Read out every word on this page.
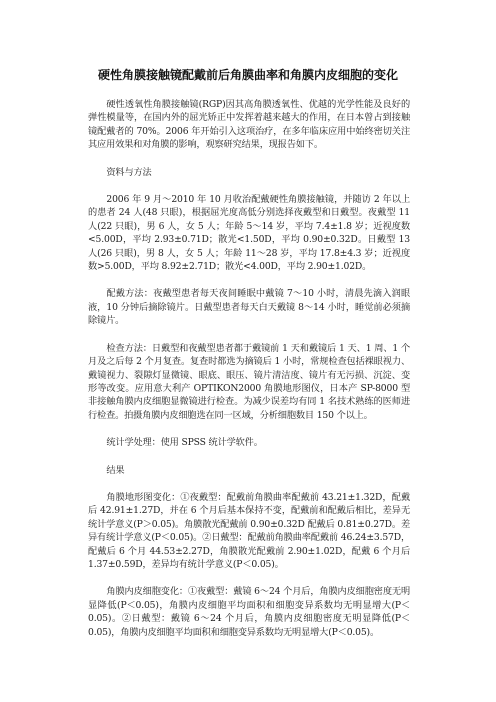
硬性角膜接触镜配戴前后角膜曲率和角膜内皮细胞的变化

硬性透氧性角膜接触镜(RGP)因其高角膜透氧性、优越的光学性能及良好的弹性模量等，在国内外的屈光矫正中发挥着越来越大的作用，在日本曾占到接触镜配戴者的 70%。2006 年开始引入这项治疗，在多年临床应用中始终密切关注其应用效果和对角膜的影响，观察研究结果，现报告如下。

资料与方法

2006 年 9 月～2010 年 10 月收治配戴硬性角膜接触镜，并随访 2 年以上的患者 24 人(48 只眼)，根据屈光度高低分别选择夜戴型和日戴型。夜戴型 11 人(22 只眼)，男 6 人，女 5 人；年龄 5～14 岁，平均 7.4±1.8 岁；近视度数<5.00D，平均 2.93±0.71D；散光<1.50D，平均 0.90±0.32D。日戴型 13 人(26 只眼)，男 8 人，女 5 人；年龄 11～28 岁，平均 17.8±4.3 岁；近视度数>5.00D，平均 8.92±2.71D；散光<4.00D，平均 2.90±1.02D。

配戴方法：夜戴型患者每天夜间睡眠中戴镜 7～10 小时，清晨先滴入润眼液，10 分钟后摘除镜片。日戴型患者每天白天戴镜 8～14 小时，睡觉前必须摘除镜片。

检查方法：日戴型和夜戴型患者都于戴镜前 1 天和戴镜后 1 天、1 周、1 个月及之后每 2 个月复查。复查时都选为摘镜后 1 小时，常规检查包括裸眼视力、戴镜视力、裂隙灯显微镜、眼底、眼压、镜片清洁度、镜片有无污损、沉淀、变形等改变。应用意大利产 OPTIKON2000 角膜地形图仪，日本产 SP-8000 型非接触角膜内皮细胞显微镜进行检查。为减少误差均有同 1 名技术熟练的医师进行检查。拍摄角膜内皮细胞选在同一区域，分析细胞数目 150 个以上。

统计学处理：使用 SPSS 统计学软件。

结果

角膜地形图变化：①夜戴型：配戴前角膜曲率配戴前 43.21±1.32D，配戴后 42.91±1.27D，并在 6 个月后基本保持不变，配戴前和配戴后相比，差异无统计学意义(P＞0.05)。角膜散光配戴前 0.90±0.32D 配戴后 0.81±0.27D。差异有统计学意义(P＜0.05)。②日戴型：配戴前角膜曲率配戴前 46.24±3.57D，配戴后 6 个月 44.53±2.27D，角膜散光配戴前 2.90±1.02D，配戴 6 个月后 1.37±0.59D，差异均有统计学意义(P＜0.05)。

角膜内皮细胞变化：①夜戴型：戴镜 6～24 个月后，角膜内皮细胞密度无明显降低(P＜0.05)，角膜内皮细胞平均面积和细胞变异系数均无明显增大(P＜0.05)。②日戴型：戴镜 6～24 个月后，角膜内皮细胞密度无明显降低(P＜0.05)，角膜内皮细胞平均面积和细胞变异系数均无明显增大(P＜0.05)。
